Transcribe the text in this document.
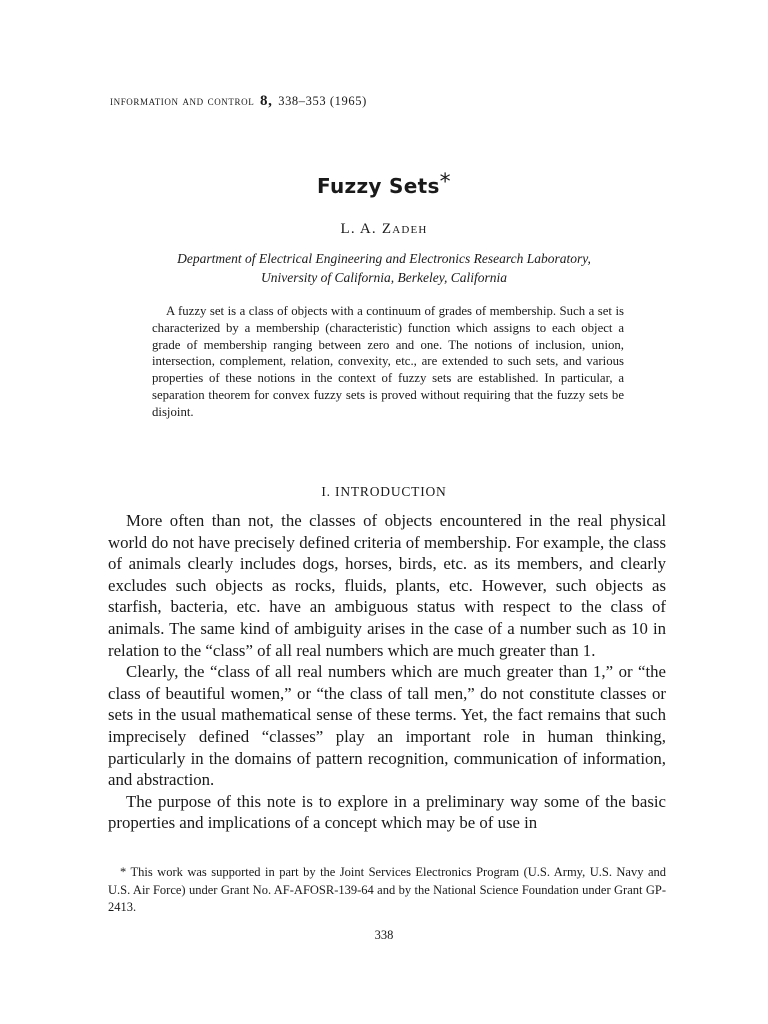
information and control 8, 338–353 (1965)
Fuzzy Sets*
L. A. Zadeh
Department of Electrical Engineering and Electronics Research Laboratory,
University of California, Berkeley, California
A fuzzy set is a class of objects with a continuum of grades of membership. Such a set is characterized by a membership (characteristic) function which assigns to each object a grade of membership ranging between zero and one. The notions of inclusion, union, intersection, complement, relation, convexity, etc., are extended to such sets, and various properties of these notions in the context of fuzzy sets are established. In particular, a separation theorem for convex fuzzy sets is proved without requiring that the fuzzy sets be disjoint.
I. INTRODUCTION

More often than not, the classes of objects encountered in the real physical world do not have precisely defined criteria of membership. For example, the class of animals clearly includes dogs, horses, birds, etc. as its members, and clearly excludes such objects as rocks, fluids, plants, etc. However, such objects as starfish, bacteria, etc. have an ambiguous status with respect to the class of animals. The same kind of ambiguity arises in the case of a number such as 10 in relation to the “class” of all real numbers which are much greater than 1.

Clearly, the “class of all real numbers which are much greater than 1,” or “the class of beautiful women,” or “the class of tall men,” do not constitute classes or sets in the usual mathematical sense of these terms. Yet, the fact remains that such imprecisely defined “classes” play an important role in human thinking, particularly in the domains of pattern recognition, communication of information, and abstraction.

The purpose of this note is to explore in a preliminary way some of the basic properties and implications of a concept which may be of use in

* This work was supported in part by the Joint Services Electronics Program (U.S. Army, U.S. Navy and U.S. Air Force) under Grant No. AF-AFOSR-139-64 and by the National Science Foundation under Grant GP-2413.

338
